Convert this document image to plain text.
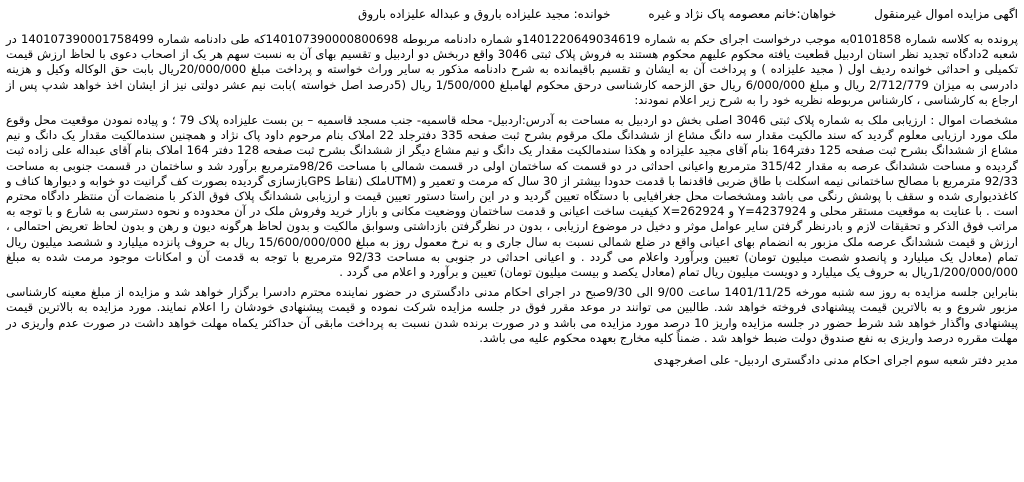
اگهی مزایده اموال غیرمنقول خواهان:خانم معصومه پاک نژاد و غیره خوانده: مجید علیزاده باروق و عبداله علیزاده باروق

پرونده به کلاسه شماره 0101858به موجب درخواست اجرای حکم به شماره 140122064903461‌9و شماره دادنامه مربوطه 14010739000080069‌8که طی دادنامه شماره 140107390001758499 در شعبه 2دادگاه تجدید نظر استان اردبیل قطعیت یافته محکوم علیهم محکوم هستند به فروش پلاک ثبتی 3046 واقع دربخش دو اردبیل و تقسیم بهای آن به نسبت سهم هر یک از اصحاب دعوی با لحاظ ارزش قیمت تکمیلی و احداثی خوانده ردیف اول ( مجید علیزاده ) و پرداخت آن به ایشان و تقسیم باقیمانده به شرح دادنامه مذکور به سایر وراث خواسته و پرداخت مبلغ 20/000/000ریال بابت حق الوکاله وکیل و هزینه دادرسی به میزان 2/712/779 ریال و مبلغ 6/000/000 ریال حق الزحمه کارشناسی درحق محکوم لهامبلغ 1/500/000 ریال (5درصد اصل خواسته )بابت نیم عشر دولتی نیز از ایشان اخذ خواهد شدپ پس از ارجاع به کارشناسی ، کارشناس مربوطه نظریه خود را به شرح زیر اعلام نمودند:

مشخصات اموال : ارزیابی ملک به شماره پلاک ثبتی 3046 اصلی بخش دو اردبیل به مساحت به آدرس:اردبیل- محله قاسمیه- جنب مسجد قاسمیه – بن بست علیزاده پلاک 79 ؛ و پیاده نمودن موقعیت محل وقوع ملک مورد ارزیابی معلوم گردید که سند مالکیت مقدار سه دانگ مشاع از ششدانگ ملک مرقوم بشرح ثبت صفحه 335 دفترجلد 22 املاک بنام مرحوم داود پاک نژاد و همچنین سندمالکیت مقدار یک دانگ و نیم مشاع از ششدانگ بشرح ثبت صفحه 125 دفتر164 بنام آقای مجید علیزاده و هکذا سندمالکیت مقدار یک دانگ و نیم مشاع دیگر از ششدانگ بشرح ثبت صفحه 128 دفتر 164 املاک بنام آقای عبداله علی زاده ثبت گردیده و مساحت ششدانگ عرصه به مقدار 315/42 مترمربع واعیانی احداثی در دو قسمت که ساختمان اولی در قسمت شمالی با مساحت 98/26مترمربع برآورد شد و ساختمان در قسمت جنوبی به مساحت 92/33 مترمربع با مصالح ساختمانی نیمه اسکلت با طاق ضربی فاقدنما با قدمت حدودا بیشتر از 30 سال که مرمت و تعمیر و (UTMملک (نقاط GPSبازسازی گردیده بصورت کف گرانیت دو خوابه و دیوارها کناف و کاغذدیواری شده و سقف با پوشش رنگی می باشد ومشخصات محل جغرافیایی با دستگاه تعیین گردید و در این راستا دستور تعیین قیمت و ارزیابی ششدانگ پلاک فوق الذکر با منضمات آن منتظر دادگاه محترم است . با عنایت به موقعیت مستقر محلی و Y=4237924 و X=262924 کیفیت ساخت اعیانی و قدمت ساختمان ووضعیت مکانی و بازار خرید وفروش ملک در آن محدوده و نحوه دسترسی به شارع و با توجه به مراتب فوق الذکر و تحقیقات لازم و بادرنظر گرفتن سایر عوامل موثر و دخیل در موضوع ارزیابی ، بدون در نظرگرفتن بازداشتی وسوابق مالکیت و بدون لحاظ هرگونه دیون و رهن و بدون لحاظ تعریض احتمالی ، ارزش و قیمت ششدانگ عرصه ملک مزبور به انضمام بهای اعیانی واقع در ضلع شمالی نسبت به سال جاری و به نرخ معمول روز به مبلغ 15/600/000/000 ریال به حروف پانزده میلیارد و ششصد میلیون ریال تمام (معادل یک میلیارد و پانصدو شصت میلیون تومان) تعیین وبرآورد واعلام می گردد . و اعیانی احداثی در جنوبی به مساحت 92/33 مترمربع با توجه به قدمت آن و امکانات موجود مرمت شده به مبلغ 1/200/000/000ریال به حروف یک میلیارد و دویست میلیون ریال تمام (معادل یکصد و بیست میلیون تومان) تعیین و برآورد و اعلام می گردد .

بنابراین جلسه مزایده به روز سه شنبه مورخه 1401/11/25 ساعت 9/00 الی 9/30صبح در اجرای احکام مدنی دادگستری در حضور نماینده محترم دادسرا برگزار خواهد شد و مزایده از مبلغ معینه کارشناسی مزبور شروع و به بالاترین قیمت پیشنهادی فروخته خواهد شد. طالبین می توانند در موعد مقرر فوق در جلسه مزایده شرکت نموده و قیمت پیشنهادی خودشان را اعلام نمایند. مورد مزایده به بالاترین قیمت پیشنهادی واگذار خواهد شد شرط حضور در جلسه مزایده واریز 10 درصد مورد مزایده می باشد و در صورت برنده شدن نسبت به پرداخت مابقی آن حداکثر یکماه مهلت خواهد داشت در صورت عدم واریزی در مهلت مقرره درصد واریزی به نفع صندوق دولت ضبط خواهد شد . ضمناً کلیه مخارج بعهده محکوم علیه می باشد.

مدیر دفتر شعبه سوم اجرای احکام مدنی دادگستری اردبیل- علی اصغرجهدی
